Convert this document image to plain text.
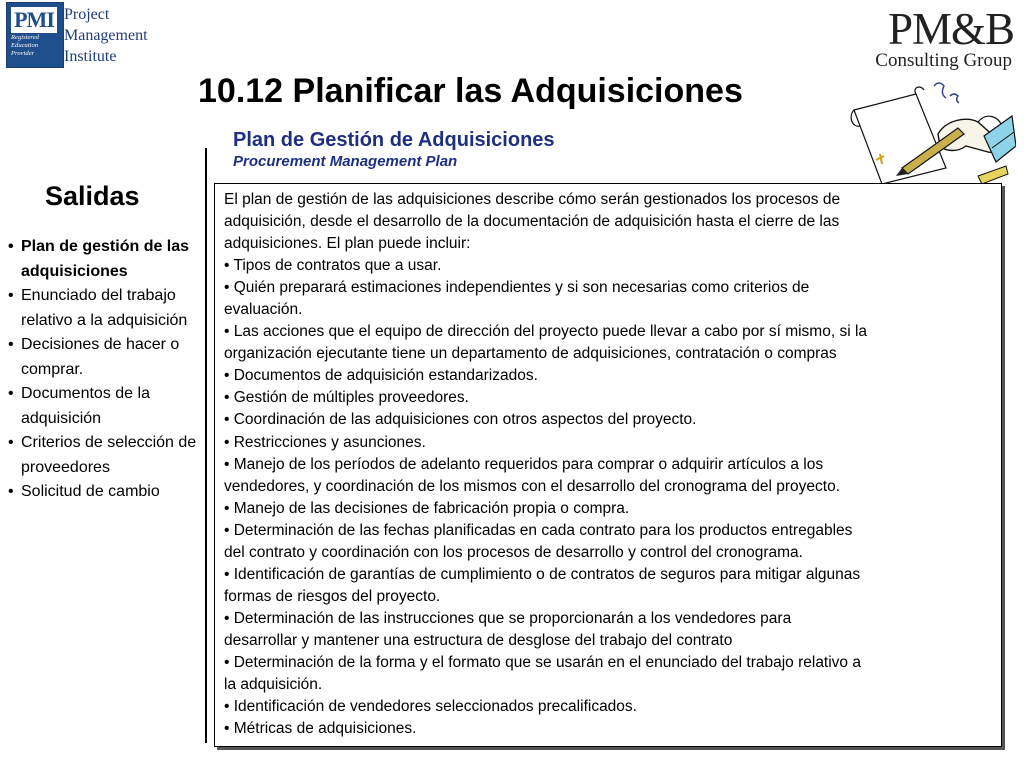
PMI
Registered
Education
Provider
Project
Management
Institute
PM&B
Consulting Group
10.12 Planificar las Adquisiciones
Plan de Gestión de Adquisiciones
Procurement Management Plan
Salidas
• Plan de gestión de las adquisiciones
• Enunciado del trabajo relativo a la adquisición
• Decisiones de hacer o comprar.
• Documentos de la adquisición
• Criterios de selección de proveedores
• Solicitud de cambio

El plan de gestión de las adquisiciones describe cómo serán gestionados los procesos de

adquisición, desde el desarrollo de la documentación de adquisición hasta el cierre de las

adquisiciones. El plan puede incluir:

• Tipos de contratos que a usar.

• Quién preparará estimaciones independientes y si son necesarias como criterios de

evaluación.

• Las acciones que el equipo de dirección del proyecto puede llevar a cabo por sí mismo, si la

organización ejecutante tiene un departamento de adquisiciones, contratación o compras

• Documentos de adquisición estandarizados.

• Gestión de múltiples proveedores.

• Coordinación de las adquisiciones con otros aspectos del proyecto.

• Restricciones y asunciones.

• Manejo de los períodos de adelanto requeridos para comprar o adquirir artículos a los

vendedores, y coordinación de los mismos con el desarrollo del cronograma del proyecto.

• Manejo de las decisiones de fabricación propia o compra.

• Determinación de las fechas planificadas en cada contrato para los productos entregables

del contrato y coordinación con los procesos de desarrollo y control del cronograma.

• Identificación de garantías de cumplimiento o de contratos de seguros para mitigar algunas

formas de riesgos del proyecto.

• Determinación de las instrucciones que se proporcionarán a los vendedores para

desarrollar y mantener una estructura de desglose del trabajo del contrato

• Determinación de la forma y el formato que se usarán en el enunciado del trabajo relativo a

la adquisición.

• Identificación de vendedores seleccionados precalificados.

• Métricas de adquisiciones.
